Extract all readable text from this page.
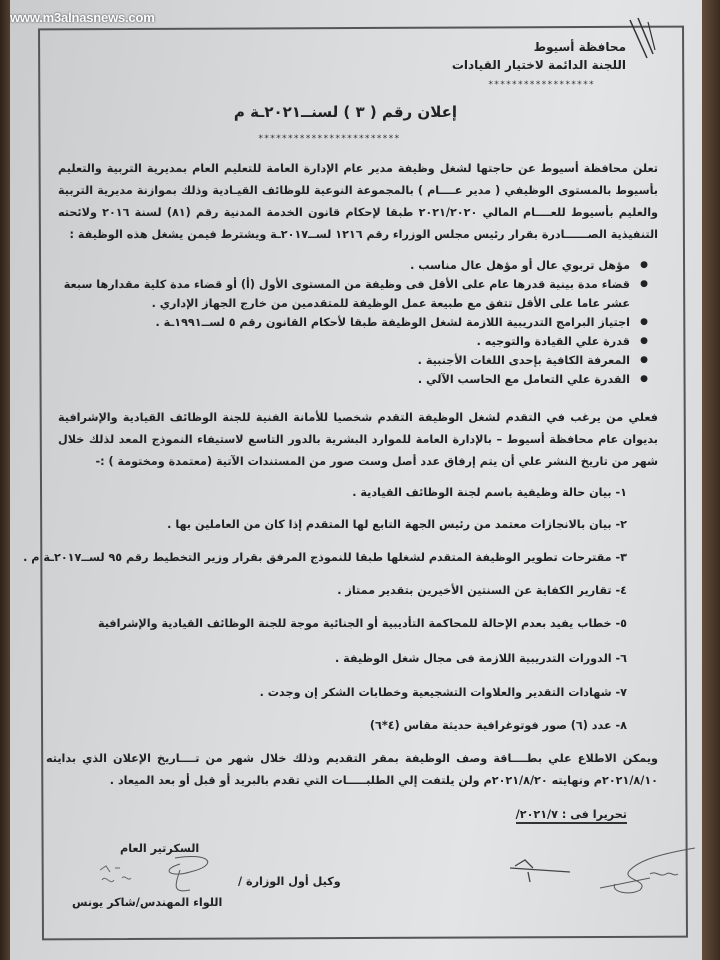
محافظة أسيوط
اللجنة الدائمة لاختيار القيادات
******************
إعلان رقم ( ٣ ) لسنــ٢٠٢١ـة م
************************
تعلن محافظة أسيوط عن حاجتها لشغل وظيفة مدير عام الإدارة العامة للتعليم العام بمديرية التربية والتعليم بأسيوط بالمستوى الوظيفي ( مدير عــــام ) بالمجموعة النوعية للوظائف القيـادية وذلك بموازنة مديرية التربية والعليم بأسيوط للعــــام المالي ٢٠٢١/٢٠٢٠ طبقا لإحكام قانون الخدمة المدنية رقم (٨١) لسنة ٢٠١٦ ولائحته التنفيذية الصــــــادرة بقرار رئيس مجلس الوزراء رقم ١٢١٦ لســ٢٠١٧ـة ويشترط فيمن يشغل هذه الوظيفة :
● مؤهل تربوي عال أو مؤهل عال مناسب .
● قضاء مدة بينية قدرها عام على الأقل فى وظيفة من المستوى الأول (أ) أو قضاء مدة كلية مقدارها سبعة عشر عاما على الأقل تتفق مع طبيعة عمل الوظيفة للمتقدمين من خارج الجهاز الإداري .
● اجتياز البرامج التدريبية اللازمة لشغل الوظيفة طبقا لأحكام القانون رقم ٥ لســ١٩٩١ـة .
● قدرة علي القيادة والتوجيه .
● المعرفة الكافية بإحدى اللغات الأجنبية .
● القدرة علي التعامل مع الحاسب الآلي .
فعلي من يرغب في التقدم لشغل الوظيفة التقدم شخصيا للأمانة الفنية للجنة الوظائف القيادية والإشرافية بديوان عام محافظة أسيوط – بالإدارة العامة للموارد البشرية بالدور التاسع لاستيفاء النموذج المعد لذلك خلال شهر من تاريخ النشر علي أن يتم إرفاق عدد أصل وست صور من المستندات الآتية (معتمدة ومختومة ) :-
١- بيان حالة وظيفية باسم لجنة الوظائف القيادية .
٢- بيان بالانجازات معتمد من رئيس الجهة التابع لها المتقدم إذا كان من العاملين بها .
٣- مقترحات تطوير الوظيفة المتقدم لشغلها طبقا للنموذج المرفق بقرار وزير التخطيط رقم ٩٥ لســ٢٠١٧ـة م .
٤- تقارير الكفاية عن السنتين الأخيرين بتقدير ممتاز .
٥- خطاب يفيد بعدم الإحالة للمحاكمة التأديبية أو الجنائية موجة للجنة الوظائف القيادية والإشرافية
٦- الدورات التدريبية اللازمة فى مجال شغل الوظيفة .
٧- شهادات التقدير والعلاوات التشجيعية وخطابات الشكر إن وجدت .
٨- عدد (٦) صور فوتوغرافية حديثة مقاس (٤*٦)
ويمكن الاطلاع علي بطــــاقة وصف الوظيفة بمقر التقديم وذلك خلال شهر من تــــاريخ الإعلان الذي بدايته ٢٠٢١/٨/١٠م ونهايته ٢٠٢١/٨/٢٠م ولن يلتفت إلي الطلبـــــات التي تقدم بالبريد أو قبل أو بعد الميعاد .
تحريرا فى : ٢٠٢١/٧/
السكرتير العام
وكيل أول الوزارة /
اللواء المهندس/شاكر يونس
www.m3alnasnews.com
